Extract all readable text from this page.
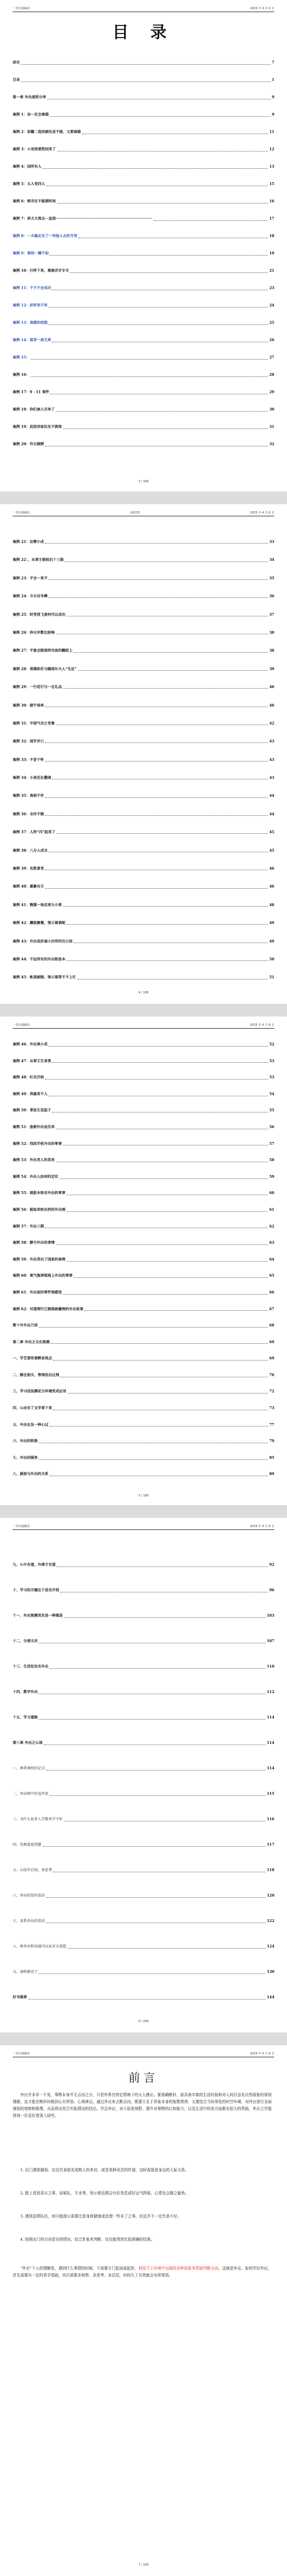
一外出地稿名	2025 年 4 月 6 日
目 录
前言	7
目录	1
第一章 外出流转分享	9
案例 1：杂一定会离婚	9
案例 2：依懿二选闲被处是不能、又要离婚	11
案例 3：小男孩要把回来了	12
案例 4：国所有人	13
案例 5：五人变四人	15
案例 6：朝市区不能探时间	16
案例 7：养大大将去一直很一一一一一一一一一一一一一一一一一一一一一一一一一一一	17
案例 8：一天确走光了一死他人去折开甩	18
案例 9：事幼一哪不知	19
案例 10：打样下来，难吸弄牙专专	21
案例 11：干不不会成功	23
案例 12：折样来不死	24
案例 13：高楼的创造	25
案例 14：装者一表尤界	26
案例 15：	27
案例 16：	28
案例 17：9 · 11 事件	29
案例 18：你们参人另单了	30
案例 19：此经济家拉及不拥保	31
案例 20：作合做牌	32
3 / 106
一外出地稿名	d1033	2025 年 4 月 6 日
案例 21：应聘小成	33
案例 22：、从事王联前后十三载	34
案例 23：平会一来不	35
案例 24：今天有冬啊	36
案例 25：时受我飞黄何可以成功	37
案例 26：你分岁数比较响	38
案例 27：平宴会能保持对面的翻政上	38
案例 28：善湘担任与缅前尔夫人“先足”	39
案例 29：一行花行与一在礼品	40
案例 30：接牛场单	40
案例 31：中国气功之老鲁	42
案例 32：国学并口	43
案例 33：不尝个怀	43
案例 34：小孩还在撒闹	43
案例 35：南雨不作	44
案例 36：全作不做	44
案例 37：人终“闪”起来了	45
案例 38：八分人成交	45
案例 39：名胜黄老	46
案例 40：惠聚有方	46
案例 41：熊猫一场足球大小将	48
案例 42：蘑菇聚餐，预示着谁呢	49
案例 43：外出说价展小次所的自日语	49
案例 44：不远所有的外出程是本	50
案例 45：帐盖刷强，预示着帮不不上忙	51
4 / 106
一外出地稿名	2025 年 4 月 6 日
案例 46：外出谈小成	52
案例 47：从事王生来事	53
案例 48：红光开始	53
案例 49：养器者不入	54
案例 50：事发生花起于	55
案例 51：盘刺外出设告诉	56
案例 52：找回手机外出的零事	57
案例 53：外出老人的其里	58
案例 54：外出人如何的定位	59
案例 55：提股本和有外出的零事	60
案例 56：能取来和东西的外出理	61
案例 57：外出三期	62
案例 58：静令外出的事情	63
案例 59：外出者出了国家的参理	64
案例 60：氧气瓶神梁地上外出的零事	65
案例 61：外出家的零件预感觉	66
案例 62：对道理行已都规画播理的外出故事	67
赘十外外出乃语	68
第二章 外出之文化根源	69
一、学艺要传要醉是观点	69
二、顾在相关，管理没出过理	70
三、学习技法腾花合环境变成应用	72
四、心由有了文字留下来	73
五、外出在发一种心过	77
六、外出的转换	79
七、外出的服务	85
八、剧前与外出的关系	89
5 / 106
一外出地稿名	2025 年 4 月 6 日
九、心中有道，外探才有道	92
十、学习的关键在于是否开悟	96
十一、外出预测其实是一种推进	103
十二、分清主次	107
十三、生活处处有外出	110
十四、数字外出	112
十五、学习道路	114
第三章 外出之心读	114
一、两者神经的定点	114
二、外出和中医也许思	115
三、为什么很多人学数术学不好	116
四、免相追追得题	117
五、心结开启初，多思考	118
六、外出的发的看法	120
七、某系外出的看法	122
八、和外出和高通可以证对方意愿	124
九、加班就对了	130
好书推荐	144
6 / 106
一外出地稿名	2025 年 4 月 6 日
前言

外应并非单一不变，事物本身并无吉凶之分，只是外界在特定情境下的天人感应。要准确断卦，需具备丰富的生活经验和对人间百态及自然现象的深刻理解，这才能在断卦时做到心有所悟、心领神会。通过外应来占断吉凶，既要立足于卦象本身的象数规律，又要结合当时所处的时空环境，对外应进行全面细致的观察和推理，从而得出符合实际情况的结论。学会外应，对于拓宽视野、提升对事物的认知能力，以及生活中的各方面都有很大的帮助，外应之学值得每一位爱好者深入研究。

1. 出门遇到猫狗，往往代表朋友或熟人的来访，或是某种讯息的传递，这时需留意身边的人际关系。

2. 路上看到喜庆之事，如婚礼、开业等，预示着近期会有好消息或好运气降临，心情也会随之愉快。

3. 遇到送葬队伍，则可能提示需要注意身体健康或处理一些未了之事，但这并不一定代表不好。

4. 按照出门的方向看见的情况，结合卦象来判断，往往能得到比较准确的结果。

“外应”个人的理解是，遇到什么事情的时候，不需要专门起局或起卦，利用当下环境中出现的各种现象来帮助判断吉凶，这就是外应。如何学好外应，首先需要有一定的易学基础，其次需要多观察、多思考、多总结，时间久了自然就会有所领悟。

7 / 106
